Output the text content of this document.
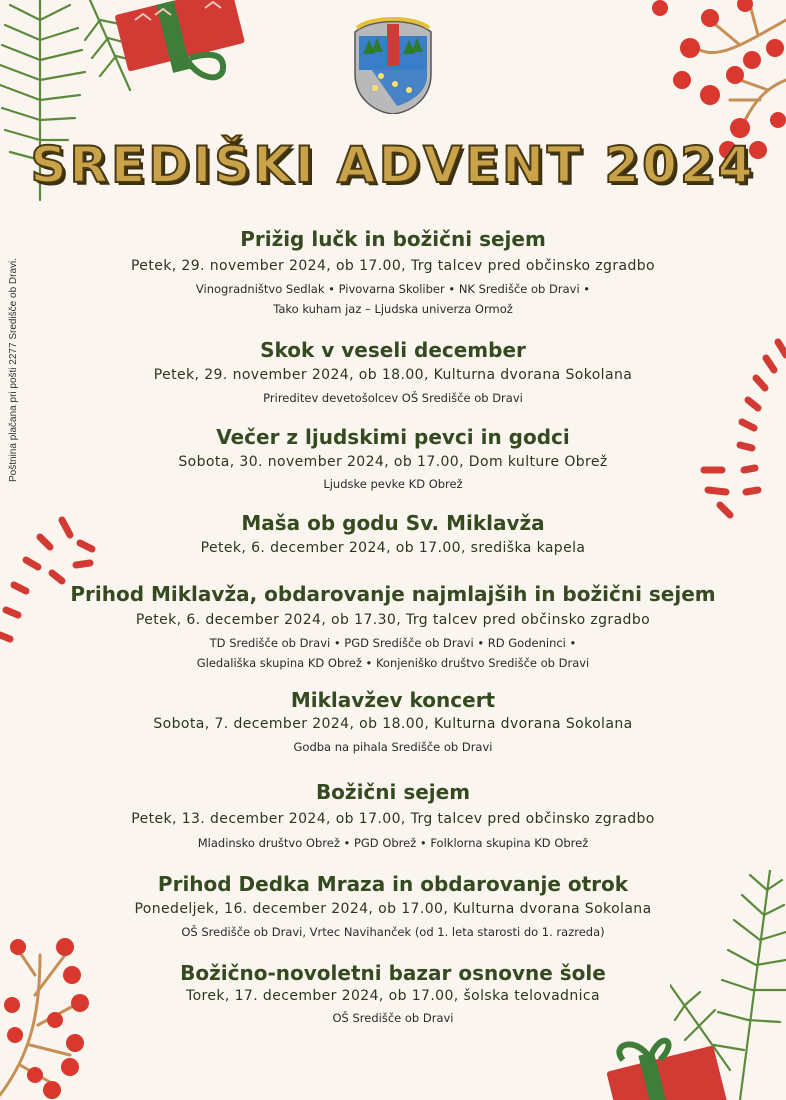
Poštnina plačana pri pošti 2277 Središče ob Dravi.
SREDIŠKI ADVENT 2024
Prižig lučk in božični sejem
Petek, 29. november 2024, ob 17.00, Trg talcev pred občinsko zgradbo
Vinogradništvo Sedlak • Pivovarna Skoliber • NK Središče ob Dravi •
Tako kuham jaz – Ljudska univerza Ormož
Skok v veseli december
Petek, 29. november 2024, ob 18.00, Kulturna dvorana Sokolana
Prireditev devetošolcev OŠ Središče ob Dravi
Večer z ljudskimi pevci in godci
Sobota, 30. november 2024, ob 17.00, Dom kulture Obrež
Ljudske pevke KD Obrež
Maša ob godu Sv. Miklavža
Petek, 6. december 2024, ob 17.00, središka kapela
Prihod Miklavža, obdarovanje najmlajših in božični sejem
Petek, 6. december 2024, ob 17.30, Trg talcev pred občinsko zgradbo
TD Središče ob Dravi • PGD Središče ob Dravi • RD Godeninci •
Gledališka skupina KD Obrež • Konjeniško društvo Središče ob Dravi
Miklavžev koncert
Sobota, 7. december 2024, ob 18.00, Kulturna dvorana Sokolana
Godba na pihala Središče ob Dravi
Božični sejem
Petek, 13. december 2024, ob 17.00, Trg talcev pred občinsko zgradbo
Mladinsko društvo Obrež • PGD Obrež • Folklorna skupina KD Obrež
Prihod Dedka Mraza in obdarovanje otrok
Ponedeljek, 16. december 2024, ob 17.00, Kulturna dvorana Sokolana
OŠ Središče ob Dravi, Vrtec Navihanček (od 1. leta starosti do 1. razreda)
Božično-novoletni bazar osnovne šole
Torek, 17. december 2024, ob 17.00, šolska telovadnica
OŠ Središče ob Dravi
